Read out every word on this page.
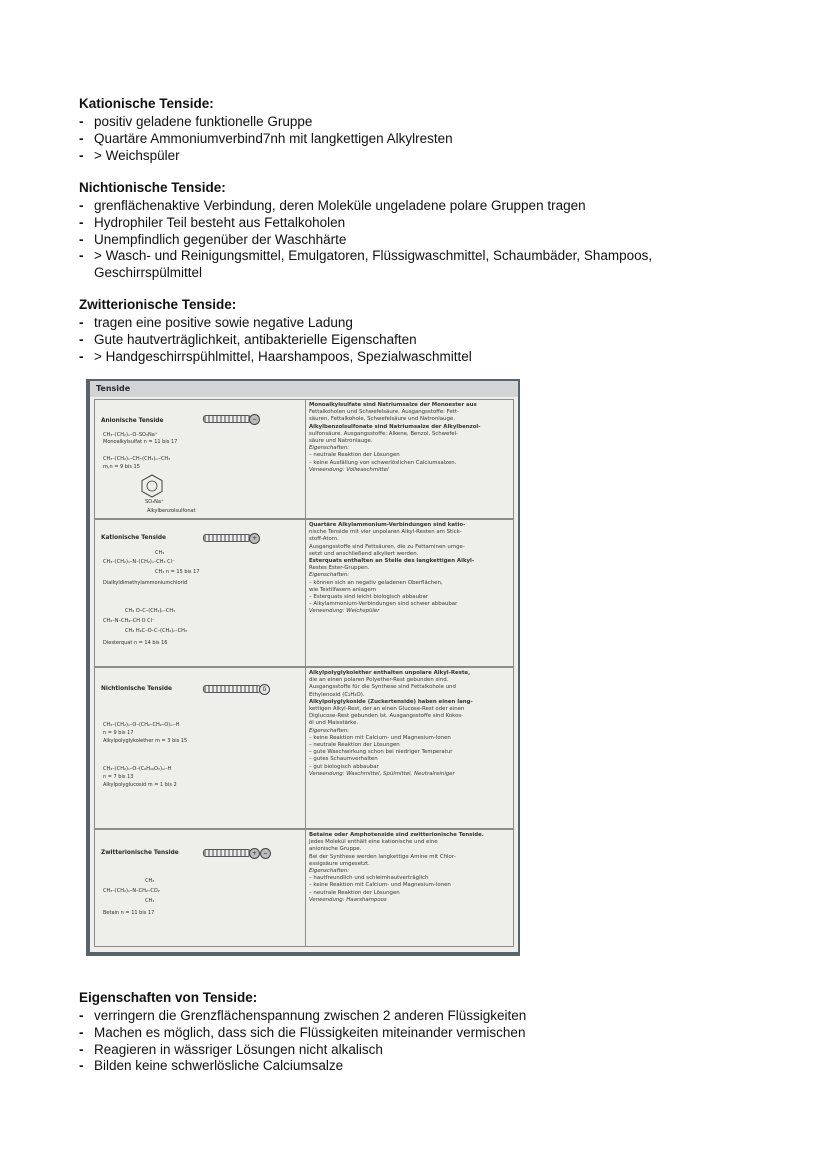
Kationische Tenside:
- positiv geladene funktionelle Gruppe
- Quartäre Ammoniumverbind7nh mit langkettigen Alkylresten
- > Weichspüler
Nichtionische Tenside:
- grenflächenaktive Verbindung, deren Moleküle ungeladene polare Gruppen tragen
- Hydrophiler Teil besteht aus Fettalkoholen
- Unempfindlich gegenüber der Waschhärte
- > Wasch- und Reinigungsmittel, Emulgatoren, Flüssigwaschmittel, Schaumbäder, Shampoos, Geschirrspülmittel
Zwitterionische Tenside:
- tragen eine positive sowie negative Ladung
- Gute hautverträglichkeit, antibakterielle Eigenschaften
- > Handgeschirrspühlmittel, Haarshampoos, Spezialwaschmittel
Tenside
Anionische Tenside	−
CH₃–(CH₂)ₙ–O–SO₃Na⁺
Monoalkylsulfat n = 11 bis 17
CH₃–(CH₂)ₙ–CH–(CH₂)ₘ–CH₃
m,n = 9 bis 15
SO₃Na⁺
Alkylbenzolsulfonat
Monoalkylsulfate sind Natriumsalze der Monoester aus
Fettalkoholen und Schwefelsäure. Ausgangsstoffe: Fett-
säuren, Fettalkohole, Schwefelsäure und Natronlauge.
Alkylbenzolsulfonate sind Natriumsalze der Alkylbenzol-
sulfonsäure. Ausgangsstoffe: Alkene, Benzol, Schwefel-
säure und Natronlauge.
Eigenschaften:
– neutrale Reaktion der Lösungen
– keine Ausfällung von schwerlöslichen Calciumsalzen.
Verwendung: Vollwaschmittel
Kationische Tenside	+
CH₃
CH₃–(CH₂)ₙ–N–(CH₂)ₙ–CH₃ Cl⁻
CH₃ n = 15 bis 17
Dialkyldimethylammoniumchlorid
CH₃ O–C–(CH₂)ₙ–CH₃
CH₃–N–CH₂–CH O Cl⁻
CH₃ H₂C–O–C–(CH₂)ₙ–CH₃
Diesterquat n = 14 bis 16
Quartäre Alkylammonium-Verbindungen sind katio-
nische Tenside mit vier unpolaren Alkyl-Resten am Stick-
stoff-Atom.
Ausgangsstoffe sind Fettsäuren, die zu Fettaminen umge-
setzt und anschließend alkyliert werden.
Esterquats enthalten an Stelle des langkettigen Alkyl-
Restes Ester-Gruppen.
Eigenschaften:
– können sich an negativ geladenen Oberflächen,
wie Textilfasern anlagern
– Esterquats sind leicht biologisch abbaubar
– Alkylammonium-Verbindungen sind schwer abbaubar
Verwendung: Weichspüler
Nichtionische Tenside	δ
CH₃–(CH₂)ₙ–O–(CH₂–CH₂–O)ₘ–H
n = 9 bis 17
Alkylpolyglykolether m = 3 bis 15
CH₃–(CH₂)ₙ–O–(C₆H₁₀O₅)ₘ–H
n = 7 bis 13
Alkylpolyglucosid m = 1 bis 2
Alkylpolyglykolether enthalten unpolare Alkyl-Reste,
die an einen polaren Polyether-Rest gebunden sind.
Ausgangsstoffe für die Synthese sind Fettalkohole und
Ethylenoxid (C₂H₄O).
Alkylpolyglykoside (Zuckertenside) haben einen lang-
kettigen Alkyl-Rest, der an einen Glucose-Rest oder einen
Diglucose-Rest gebunden ist. Ausgangsstoffe sind Kokos-
öl und Maisstärke.
Eigenschaften:
– keine Reaktion mit Calcium- und Magnesium-Ionen
– neutrale Reaktion der Lösungen
– gute Waschwirkung schon bei niedriger Temperatur
– gutes Schaumverhalten
– gut biologisch abbaubar
Verwendung: Waschmittel, Spülmittel, Neutralreiniger
Zwitterionische Tenside	+ −
CH₃
CH₃–(CH₂)ₙ–N–CH₂–CO₂
CH₃
Betain n = 11 bis 17
Betaine oder Amphotenside sind zwitterionische Tenside.
Jedes Molekül enthält eine kationische und eine
anionische Gruppe.
Bei der Synthese werden langkettige Amine mit Chlor-
essigsäure umgesetzt.
Eigenschaften:
– hautfreundlich und schleimhautverträglich
– keine Reaktion mit Calcium- und Magnesium-Ionen
– neutrale Reaktion der Lösungen
Verwendung: Haarshampoos
Eigenschaften von Tenside:
- verringern die Grenzflächenspannung zwischen 2 anderen Flüssigkeiten
- Machen es möglich, dass sich die Flüssigkeiten miteinander vermischen
- Reagieren in wässriger Lösungen nicht alkalisch
- Bilden keine schwerlösliche Calciumsalze
